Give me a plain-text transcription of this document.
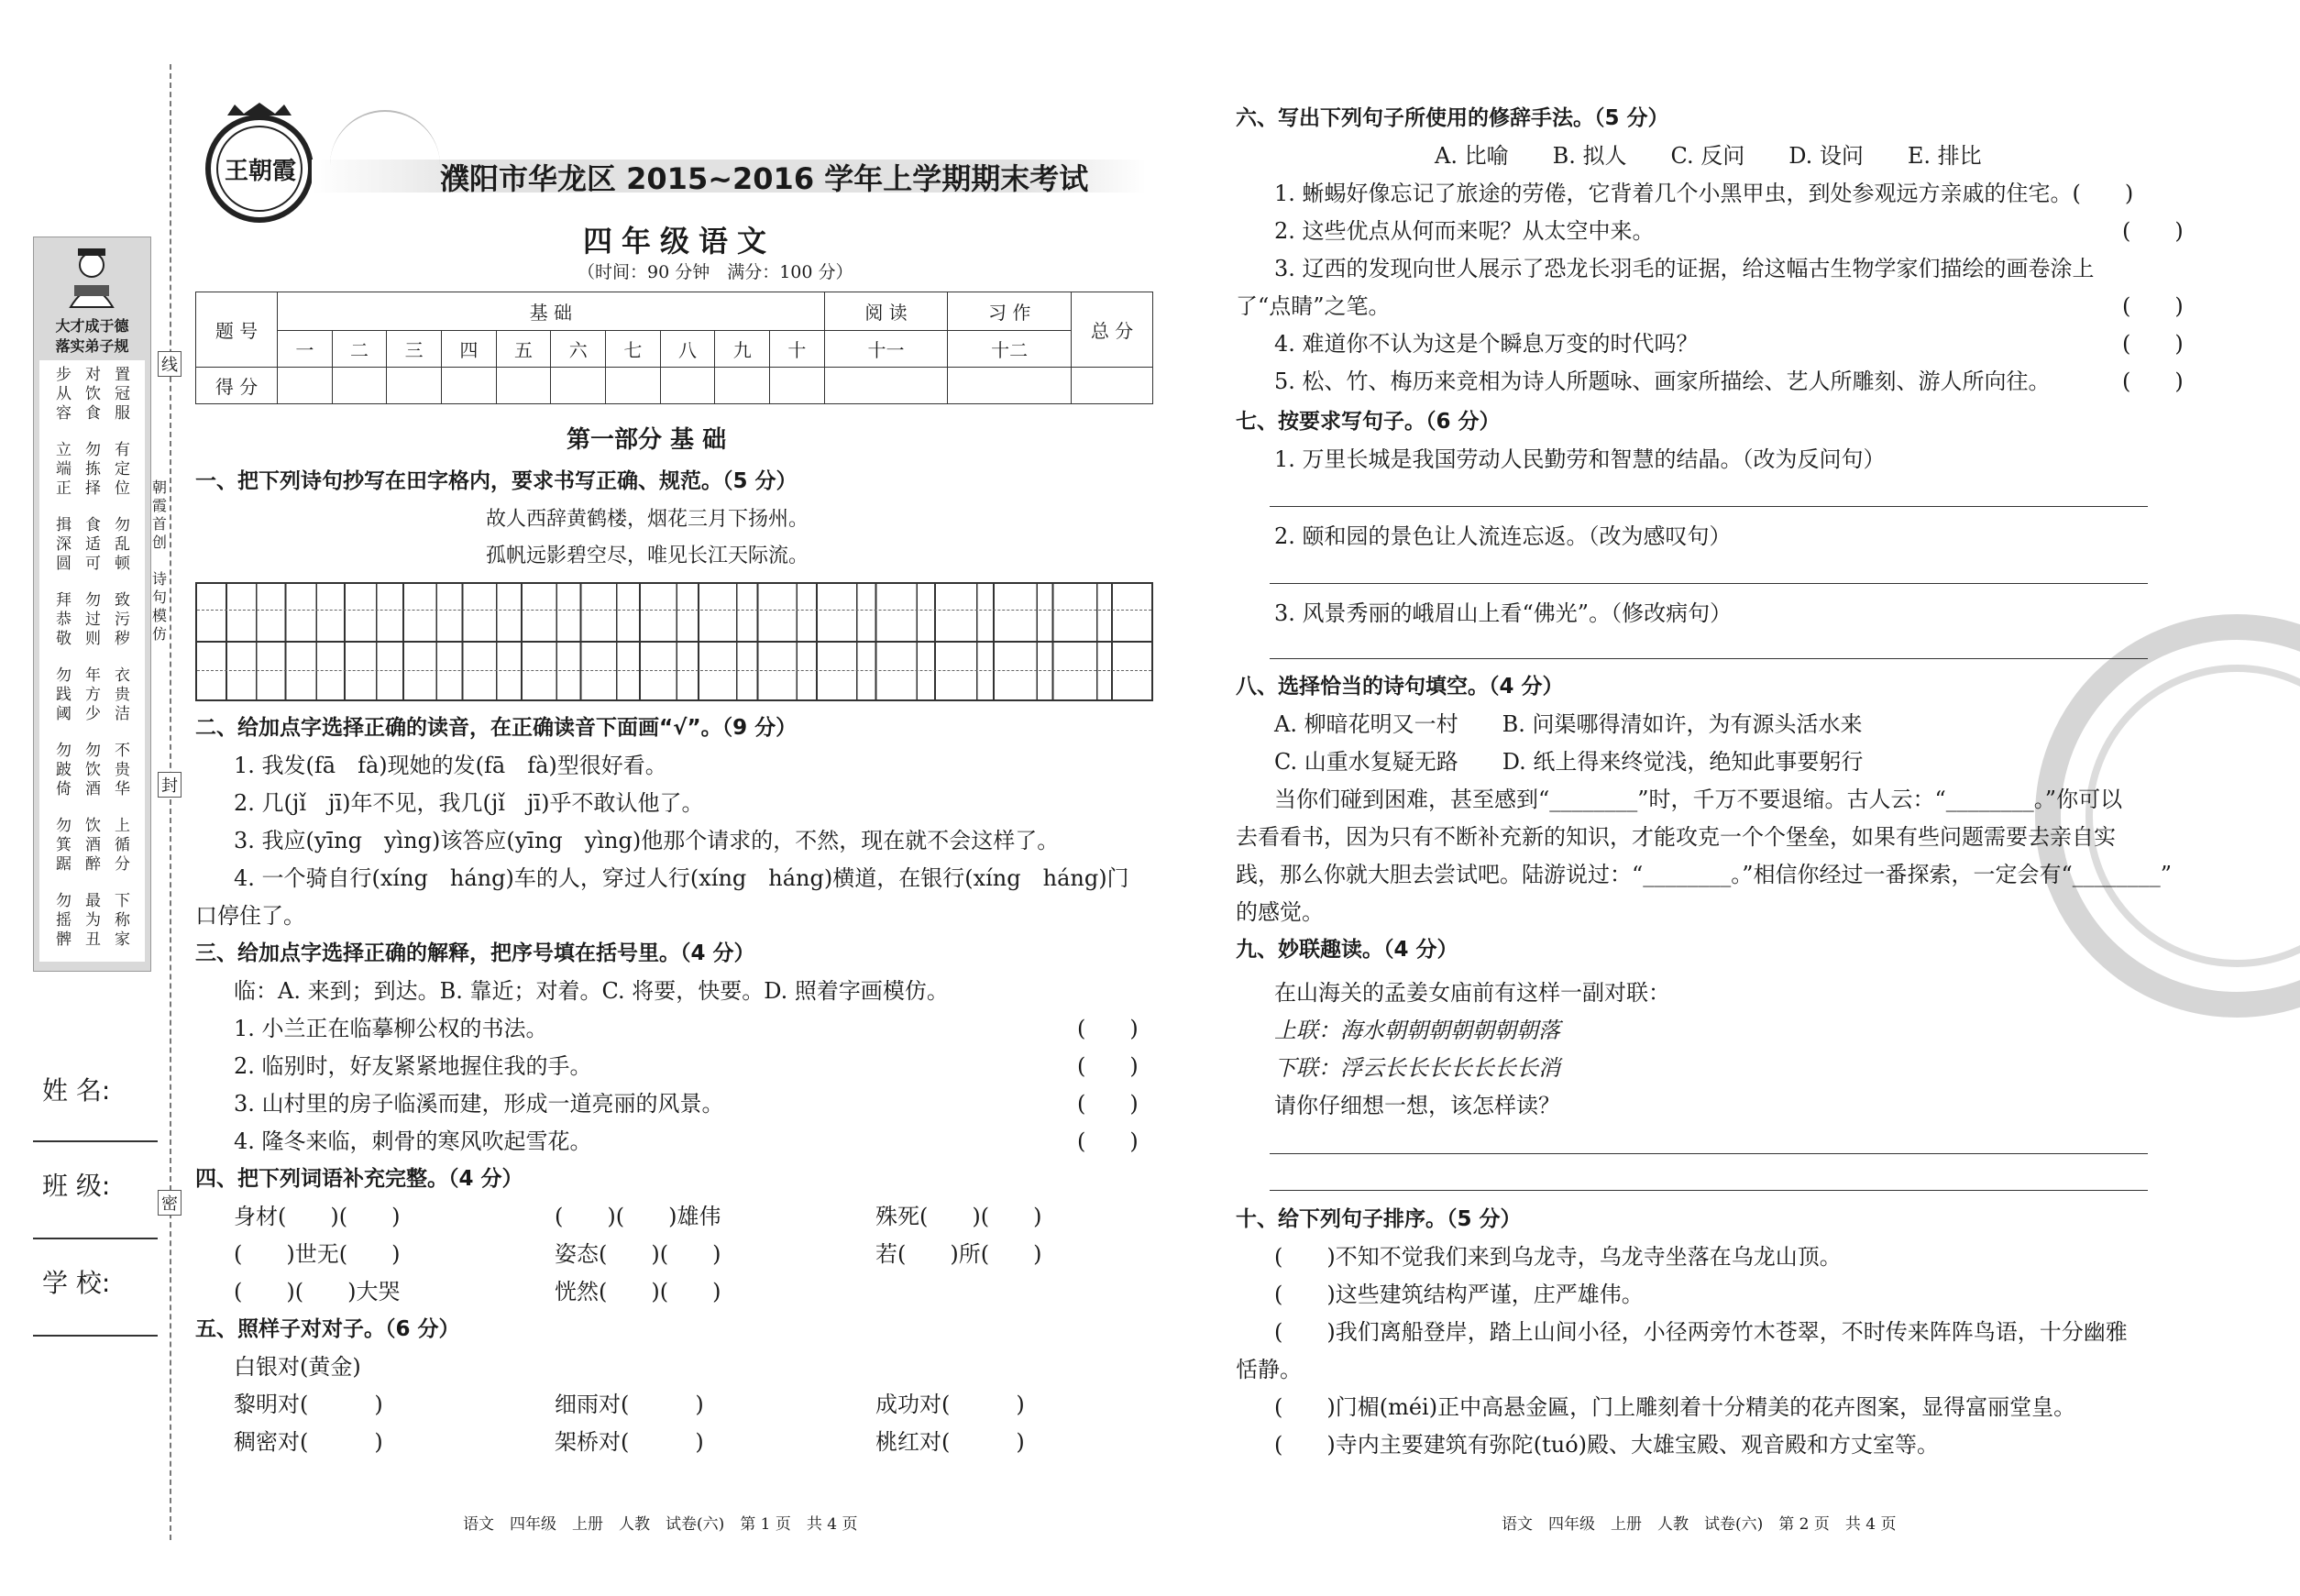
线
封
密
朝霞首创
诗句模仿
大才成于德
落实弟子规
步从容
对饮食
置冠服
立端正
勿拣择
有定位
揖深圆
食适可
勿乱顿
拜恭敬
勿过则
致污秽
勿践阈
年方少
衣贵洁
勿跛倚
勿饮酒
不贵华
勿箕踞
饮酒醉
上循分
勿摇髀
最为丑
下称家
姓 名:
班 级:
学 校:
王朝霞	濮阳市华龙区 2015~2016 学年上学期期末考试
四年级语文
（时间：90 分钟　满分：100 分）
题 号	基 础										阅 读	习 作	总 分
	一	二	三	四	五	六	七	八	九	十	十一	十二	
得 分													
第一部分 基 础
一、把下列诗句抄写在田字格内，要求书写正确、规范。（5 分）
故人西辞黄鹤楼，烟花三月下扬州。
孤帆远影碧空尽，唯见长江天际流。
二、给加点字选择正确的读音，在正确读音下面画“√”。（9 分）
1. 我发(fā　fà)现她的发(fā　fà)型很好看。
2. 几(jǐ　jī)年不见，我几(jǐ　jī)乎不敢认他了。
3. 我应(yīng　yìng)该答应(yīng　yìng)他那个请求的，不然，现在就不会这样了。
4. 一个骑自行(xíng　háng)车的人，穿过人行(xíng　háng)横道，在银行(xíng　háng)门
口停住了。
三、给加点字选择正确的解释，把序号填在括号里。（4 分）
临：A. 来到；到达。B. 靠近；对着。C. 将要，快要。D. 照着字画模仿。
1. 小兰正在临摹柳公权的书法。	(　　)
2. 临别时，好友紧紧地握住我的手。	(　　)
3. 山村里的房子临溪而建，形成一道亮丽的风景。	(　　)
4. 隆冬来临，刺骨的寒风吹起雪花。	(　　)
四、把下列词语补充完整。（4 分）
身材(　　)(　　)	(　　)(　　)雄伟	殊死(　　)(　　)
(　　)世无(　　)	姿态(　　)(　　)	若(　　)所(　　)
(　　)(　　)大哭	恍然(　　)(　　)
五、照样子对对子。（6 分）
白银对(黄金)
黎明对(　　　)	细雨对(　　　)	成功对(　　　)
稠密对(　　　)	架桥对(　　　)	桃红对(　　　)
语文　四年级　上册　人教　试卷(六)　第 1 页　共 4 页
六、写出下列句子所使用的修辞手法。（5 分）
A. 比喻　　B. 拟人　　C. 反问　　D. 设问　　E. 排比
1. 蜥蜴好像忘记了旅途的劳倦，它背着几个小黑甲虫，到处参观远方亲戚的住宅。(　　)
2. 这些优点从何而来呢？从太空中来。	(　　)
3. 辽西的发现向世人展示了恐龙长羽毛的证据，给这幅古生物学家们描绘的画卷涂上
了“点睛”之笔。	(　　)
4. 难道你不认为这是个瞬息万变的时代吗？	(　　)
5. 松、竹、梅历来竞相为诗人所题咏、画家所描绘、艺人所雕刻、游人所向往。	(　　)
七、按要求写句子。（6 分）
1. 万里长城是我国劳动人民勤劳和智慧的结晶。（改为反问句）
2. 颐和园的景色让人流连忘返。（改为感叹句）
3. 风景秀丽的峨眉山上看“佛光”。（修改病句）
八、选择恰当的诗句填空。（4 分）
A. 柳暗花明又一村　　B. 问渠哪得清如许，为有源头活水来
C. 山重水复疑无路　　D. 纸上得来终觉浅，绝知此事要躬行
当你们碰到困难，甚至感到“________”时，千万不要退缩。古人云：“________。”你可以
去看看书，因为只有不断补充新的知识，才能攻克一个个堡垒，如果有些问题需要去亲自实
践，那么你就大胆去尝试吧。陆游说过：“________。”相信你经过一番探索，一定会有“________”
的感觉。
九、妙联趣读。（4 分）
在山海关的孟姜女庙前有这样一副对联：
上联：海水朝朝朝朝朝朝朝落
下联：浮云长长长长长长长消
请你仔细想一想，该怎样读？
十、给下列句子排序。（5 分）
(　　)不知不觉我们来到乌龙寺，乌龙寺坐落在乌龙山顶。
(　　)这些建筑结构严谨，庄严雄伟。
(　　)我们离船登岸，踏上山间小径，小径两旁竹木苍翠，不时传来阵阵鸟语，十分幽雅
恬静。
(　　)门楣(méi)正中高悬金匾，门上雕刻着十分精美的花卉图案，显得富丽堂皇。
(　　)寺内主要建筑有弥陀(tuó)殿、大雄宝殿、观音殿和方丈室等。
语文　四年级　上册　人教　试卷(六)　第 2 页　共 4 页
